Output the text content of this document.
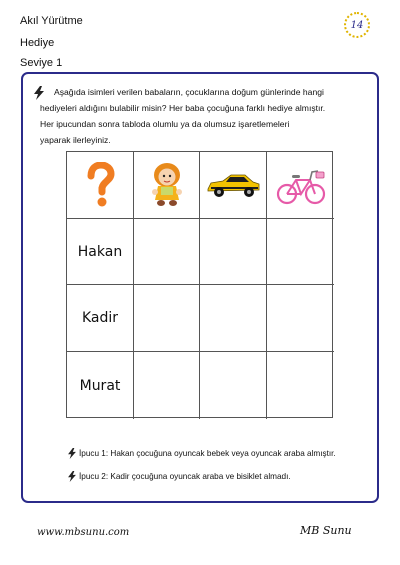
Akıl Yürütme
Hediye
Seviye 1
14
Aşağıda isimleri verilen babaların, çocuklarına doğum günlerinde hangi
hediyeleri aldığını bulabilir misin? Her baba çocuğuna farklı hediye almıştır.
Her ipucundan sonra tabloda olumlu ya da olumsuz işaretlemeleri
yaparak ilerleyiniz.
Hakan
Kadir
Murat
İpucu 1: Hakan çocuğuna oyuncak bebek veya oyuncak araba almıştır.
İpucu 2: Kadir çocuğuna oyuncak araba ve bisiklet almadı.
www.mbsunu.com	MB Sunu
